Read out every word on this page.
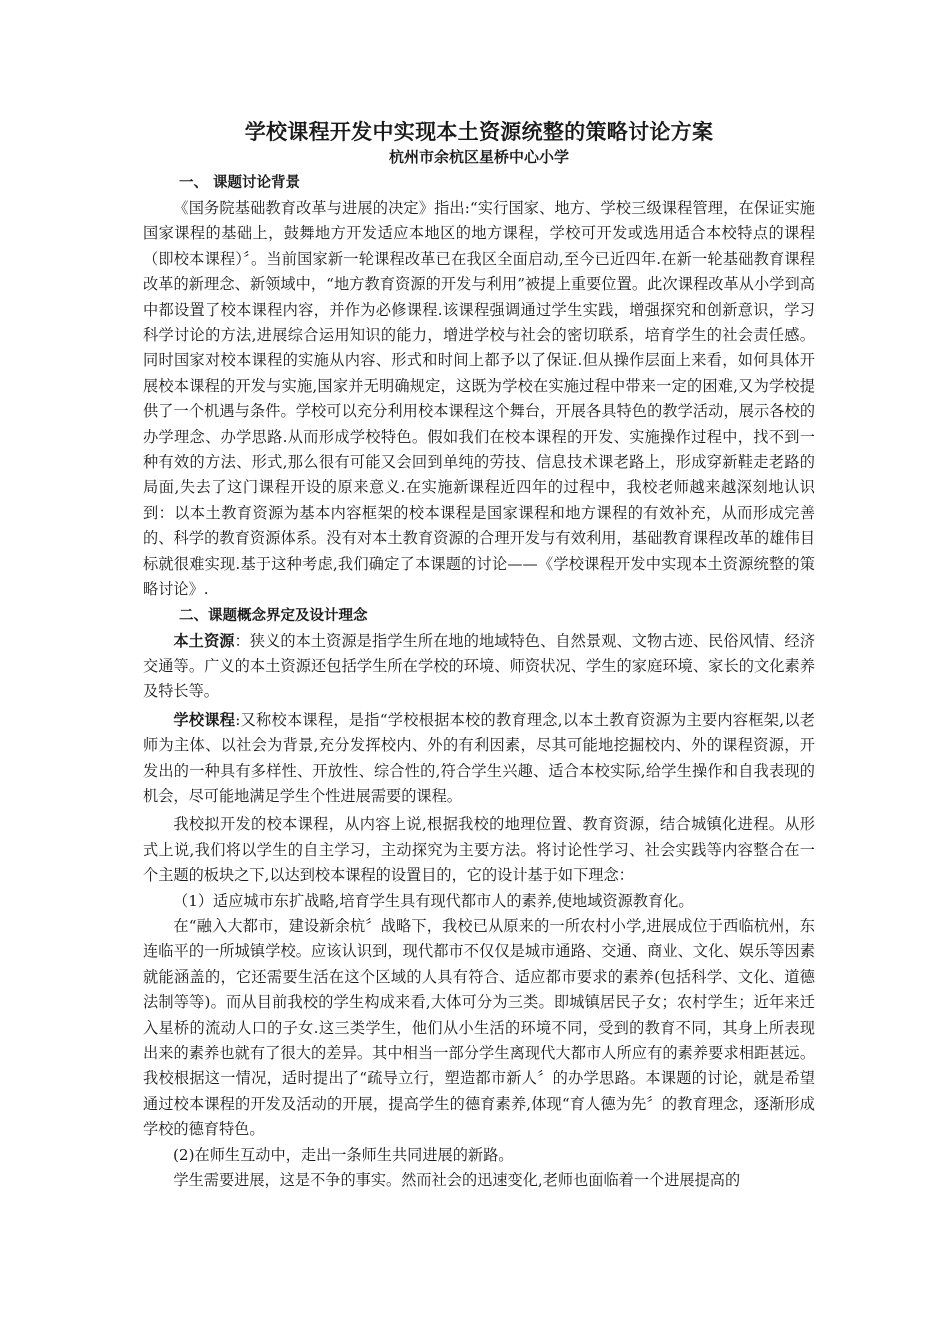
学校课程开发中实现本土资源统整的策略讨论方案
杭州市余杭区星桥中心小学
一、 课题讨论背景

《国务院基础教育改革与进展的决定》指出:“实行国家、地方、学校三级课程管理，在保证实施国家课程的基础上，鼓舞地方开发适应本地区的地方课程，学校可开发或选用适合本校特点的课程（即校本课程）〞。当前国家新一轮课程改革已在我区全面启动,至今已近四年.在新一轮基础教育课程改革的新理念、新领域中，“地方教育资源的开发与利用”被提上重要位置。此次课程改革从小学到高中都设置了校本课程内容，并作为必修课程.该课程强调通过学生实践，增强探究和创新意识，学习科学讨论的方法,进展综合运用知识的能力，增进学校与社会的密切联系，培育学生的社会责任感。同时国家对校本课程的实施从内容、形式和时间上都予以了保证.但从操作层面上来看，如何具体开展校本课程的开发与实施,国家并无明确规定，这既为学校在实施过程中带来一定的困难,又为学校提供了一个机遇与条件。学校可以充分利用校本课程这个舞台，开展各具特色的教学活动，展示各校的办学理念、办学思路.从而形成学校特色。假如我们在校本课程的开发、实施操作过程中，找不到一种有效的方法、形式,那么很有可能又会回到单纯的劳技、信息技术课老路上，形成穿新鞋走老路的局面,失去了这门课程开设的原来意义.在实施新课程近四年的过程中，我校老师越来越深刻地认识到：以本土教育资源为基本内容框架的校本课程是国家课程和地方课程的有效补充，从而形成完善的、科学的教育资源体系。没有对本土教育资源的合理开发与有效利用，基础教育课程改革的雄伟目标就很难实现.基于这种考虑,我们确定了本课题的讨论——《学校课程开发中实现本土资源统整的策略讨论》.

二、课题概念界定及设计理念

本土资源：狭义的本土资源是指学生所在地的地域特色、自然景观、文物古迹、民俗风情、经济交通等。广义的本土资源还包括学生所在学校的环境、师资状况、学生的家庭环境、家长的文化素养及特长等。

学校课程:又称校本课程，是指“学校根据本校的教育理念,以本土教育资源为主要内容框架,以老师为主体、以社会为背景,充分发挥校内、外的有利因素，尽其可能地挖掘校内、外的课程资源，开发出的一种具有多样性、开放性、综合性的,符合学生兴趣、适合本校实际,给学生操作和自我表现的机会，尽可能地满足学生个性进展需要的课程。

我校拟开发的校本课程，从内容上说,根据我校的地理位置、教育资源，结合城镇化进程。从形式上说,我们将以学生的自主学习，主动探究为主要方法。将讨论性学习、社会实践等内容整合在一个主题的板块之下,以达到校本课程的设置目的，它的设计基于如下理念：

（1）适应城市东扩战略,培育学生具有现代都市人的素养,使地域资源教育化。

在“融入大都市，建设新余杭〞战略下，我校已从原来的一所农村小学,进展成位于西临杭州，东连临平的一所城镇学校。应该认识到，现代都市不仅仅是城市通路、交通、商业、文化、娱乐等因素就能涵盖的，它还需要生活在这个区域的人具有符合、适应都市要求的素养(包括科学、文化、道德法制等等)。而从目前我校的学生构成来看,大体可分为三类。即城镇居民子女；农村学生；近年来迁入星桥的流动人口的子女.这三类学生，他们从小生活的环境不同，受到的教育不同，其身上所表现出来的素养也就有了很大的差异。其中相当一部分学生离现代大都市人所应有的素养要求相距甚远。我校根据这一情况，适时提出了“疏导立行，塑造都市新人〞的办学思路。本课题的讨论，就是希望通过校本课程的开发及活动的开展，提高学生的德育素养,体现“育人德为先〞的教育理念，逐渐形成学校的德育特色。

(2)在师生互动中，走出一条师生共同进展的新路。

学生需要进展，这是不争的事实。然而社会的迅速变化,老师也面临着一个进展提高的
